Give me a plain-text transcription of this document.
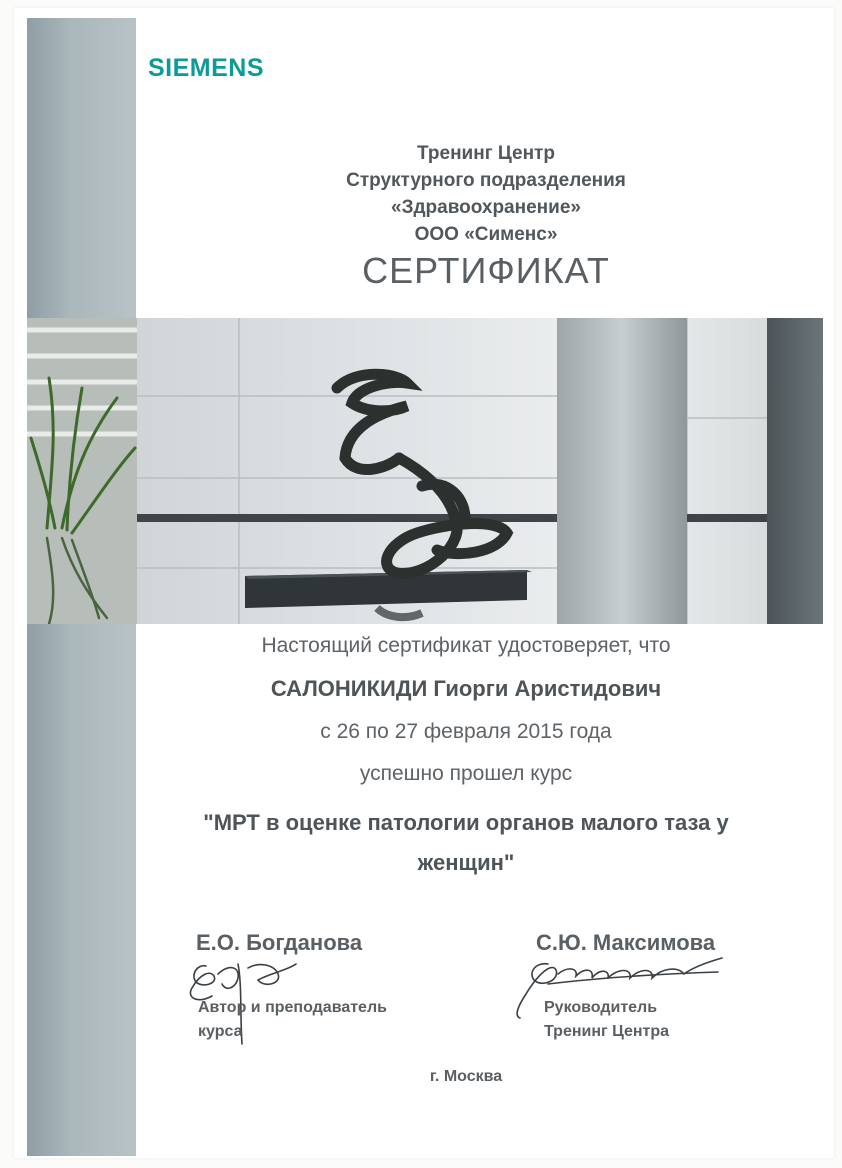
SIEMENS
Тренинг Центр
Структурного подразделения
«Здравоохранение»
ООО «Сименс»
СЕРТИФИКАТ
Настоящий сертификат удостоверяет, что
САЛОНИКИДИ Гиорги Аристидович
с 26 по 27 февраля 2015 года
успешно прошел курс
"МРТ в оценке патологии органов малого таза у
женщин"
Е.О. Богданова
Автор и преподаватель
курса
С.Ю. Максимова
Руководитель
Тренинг Центра
г. Москва
